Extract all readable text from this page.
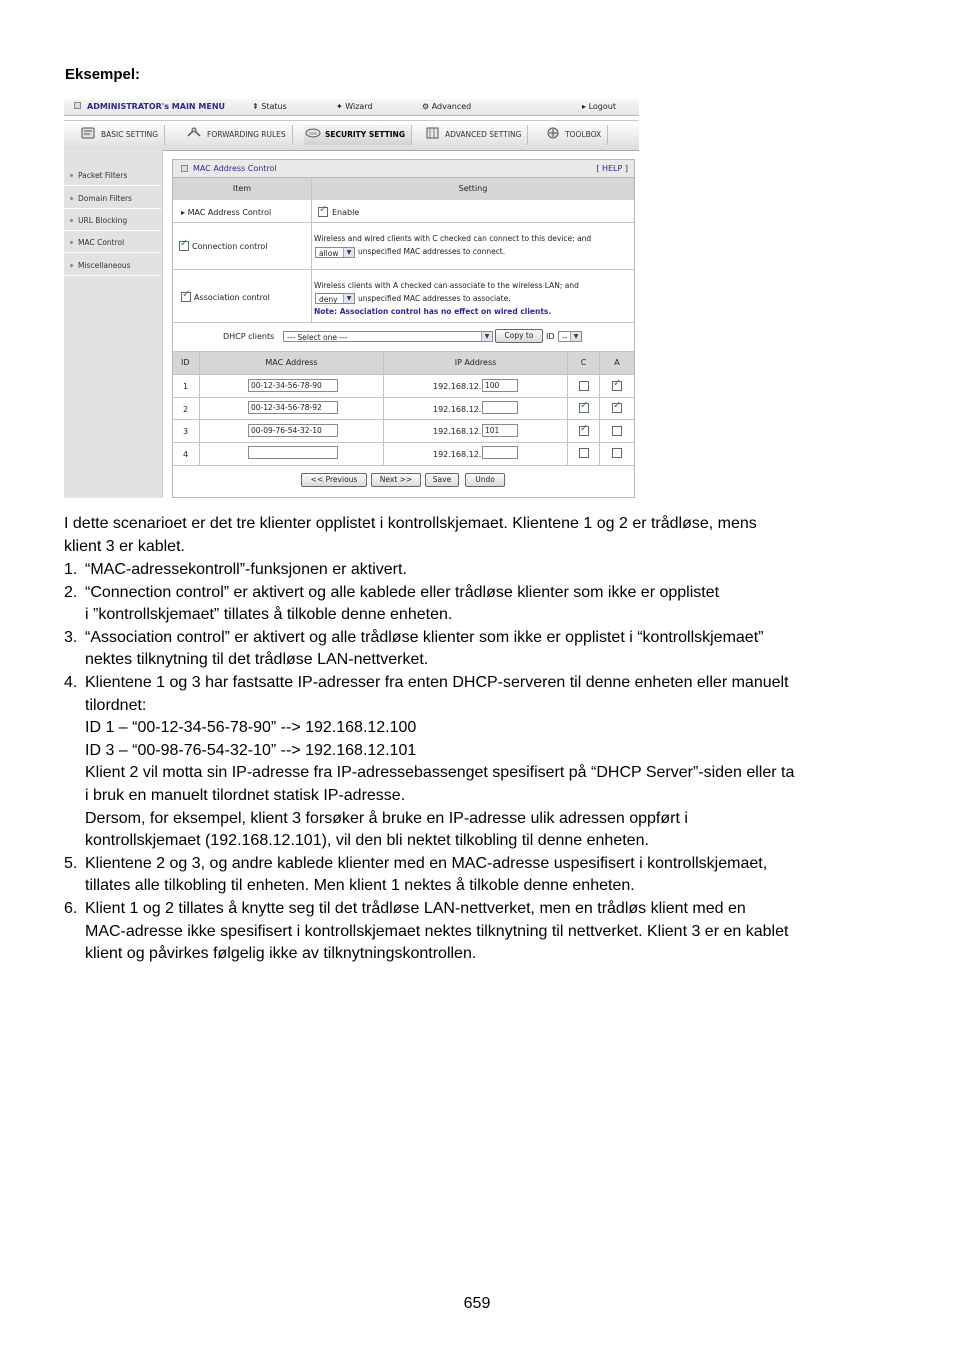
Eksempel:
ADMINISTRATOR's MAIN MENU	⇞ Status	✦ Wizard	⚙ Advanced	▸ Logout
BASIC SETTING	FORWARDING RULES	SECURITY SETTING	ADVANCED SETTING	TOOLBOX
Packet Filters
Domain Filters
URL Blocking
MAC Control
Miscellaneous
MAC Address Control	[ HELP ]
Item	Setting
▸ MAC Address Control
✓	Enable
✓
Connection control
Wireless and wired clients with C checked can connect to this device; and
allow	▼ unspecified MAC addresses to connect.
✓
Association control
Wireless clients with A checked can associate to the wireless LAN; and
deny	▼ unspecified MAC addresses to associate.
Note: Association control has no effect on wired clients.
DHCP clients	--- Select one ---	▼	Copy to	ID --	▼
ID	MAC Address	IP Address	C	A
1	00-12-34-56-78-90	192.168.12. 100
✓
2	00-12-34-56-78-92	192.168.12.
✓
✓
3	00-09-76-54-32-10	192.168.12. 101
✓
4	192.168.12.
<< Previous	Next >>	Save	Undo
I dette scenarioet er det tre klienter opplistet i kontrollskjemaet. Klientene 1 og 2 er trådløse, mens
klient 3 er kablet.
1. “MAC-adressekontroll”-funksjonen er aktivert.
2. “Connection control” er aktivert og alle kablede eller trådløse klienter som ikke er opplistet
i ”kontrollskjemaet” tillates å tilkoble denne enheten.
3. “Association control” er aktivert og alle trådløse klienter som ikke er opplistet i “kontrollskjemaet”
nektes tilknytning til det trådløse LAN-nettverket.
4. Klientene 1 og 3 har fastsatte IP-adresser fra enten DHCP-serveren til denne enheten eller manuelt
tilordnet:
ID 1 – “00-12-34-56-78-90” --> 192.168.12.100
ID 3 – “00-98-76-54-32-10” --> 192.168.12.101
Klient 2 vil motta sin IP-adresse fra IP-adressebassenget spesifisert på “DHCP Server”-siden eller ta
i bruk en manuelt tilordnet statisk IP-adresse.
Dersom, for eksempel, klient 3 forsøker å bruke en IP-adresse ulik adressen oppført i
kontrollskjemaet (192.168.12.101), vil den bli nektet tilkobling til denne enheten.
5. Klientene 2 og 3, og andre kablede klienter med en MAC-adresse uspesifisert i kontrollskjemaet,
tillates alle tilkobling til enheten. Men klient 1 nektes å tilkoble denne enheten.
6. Klient 1 og 2 tillates å knytte seg til det trådløse LAN-nettverket, men en trådløs klient med en
MAC-adresse ikke spesifisert i kontrollskjemaet nektes tilknytning til nettverket. Klient 3 er en kablet
klient og påvirkes følgelig ikke av tilknytningskontrollen.
659
